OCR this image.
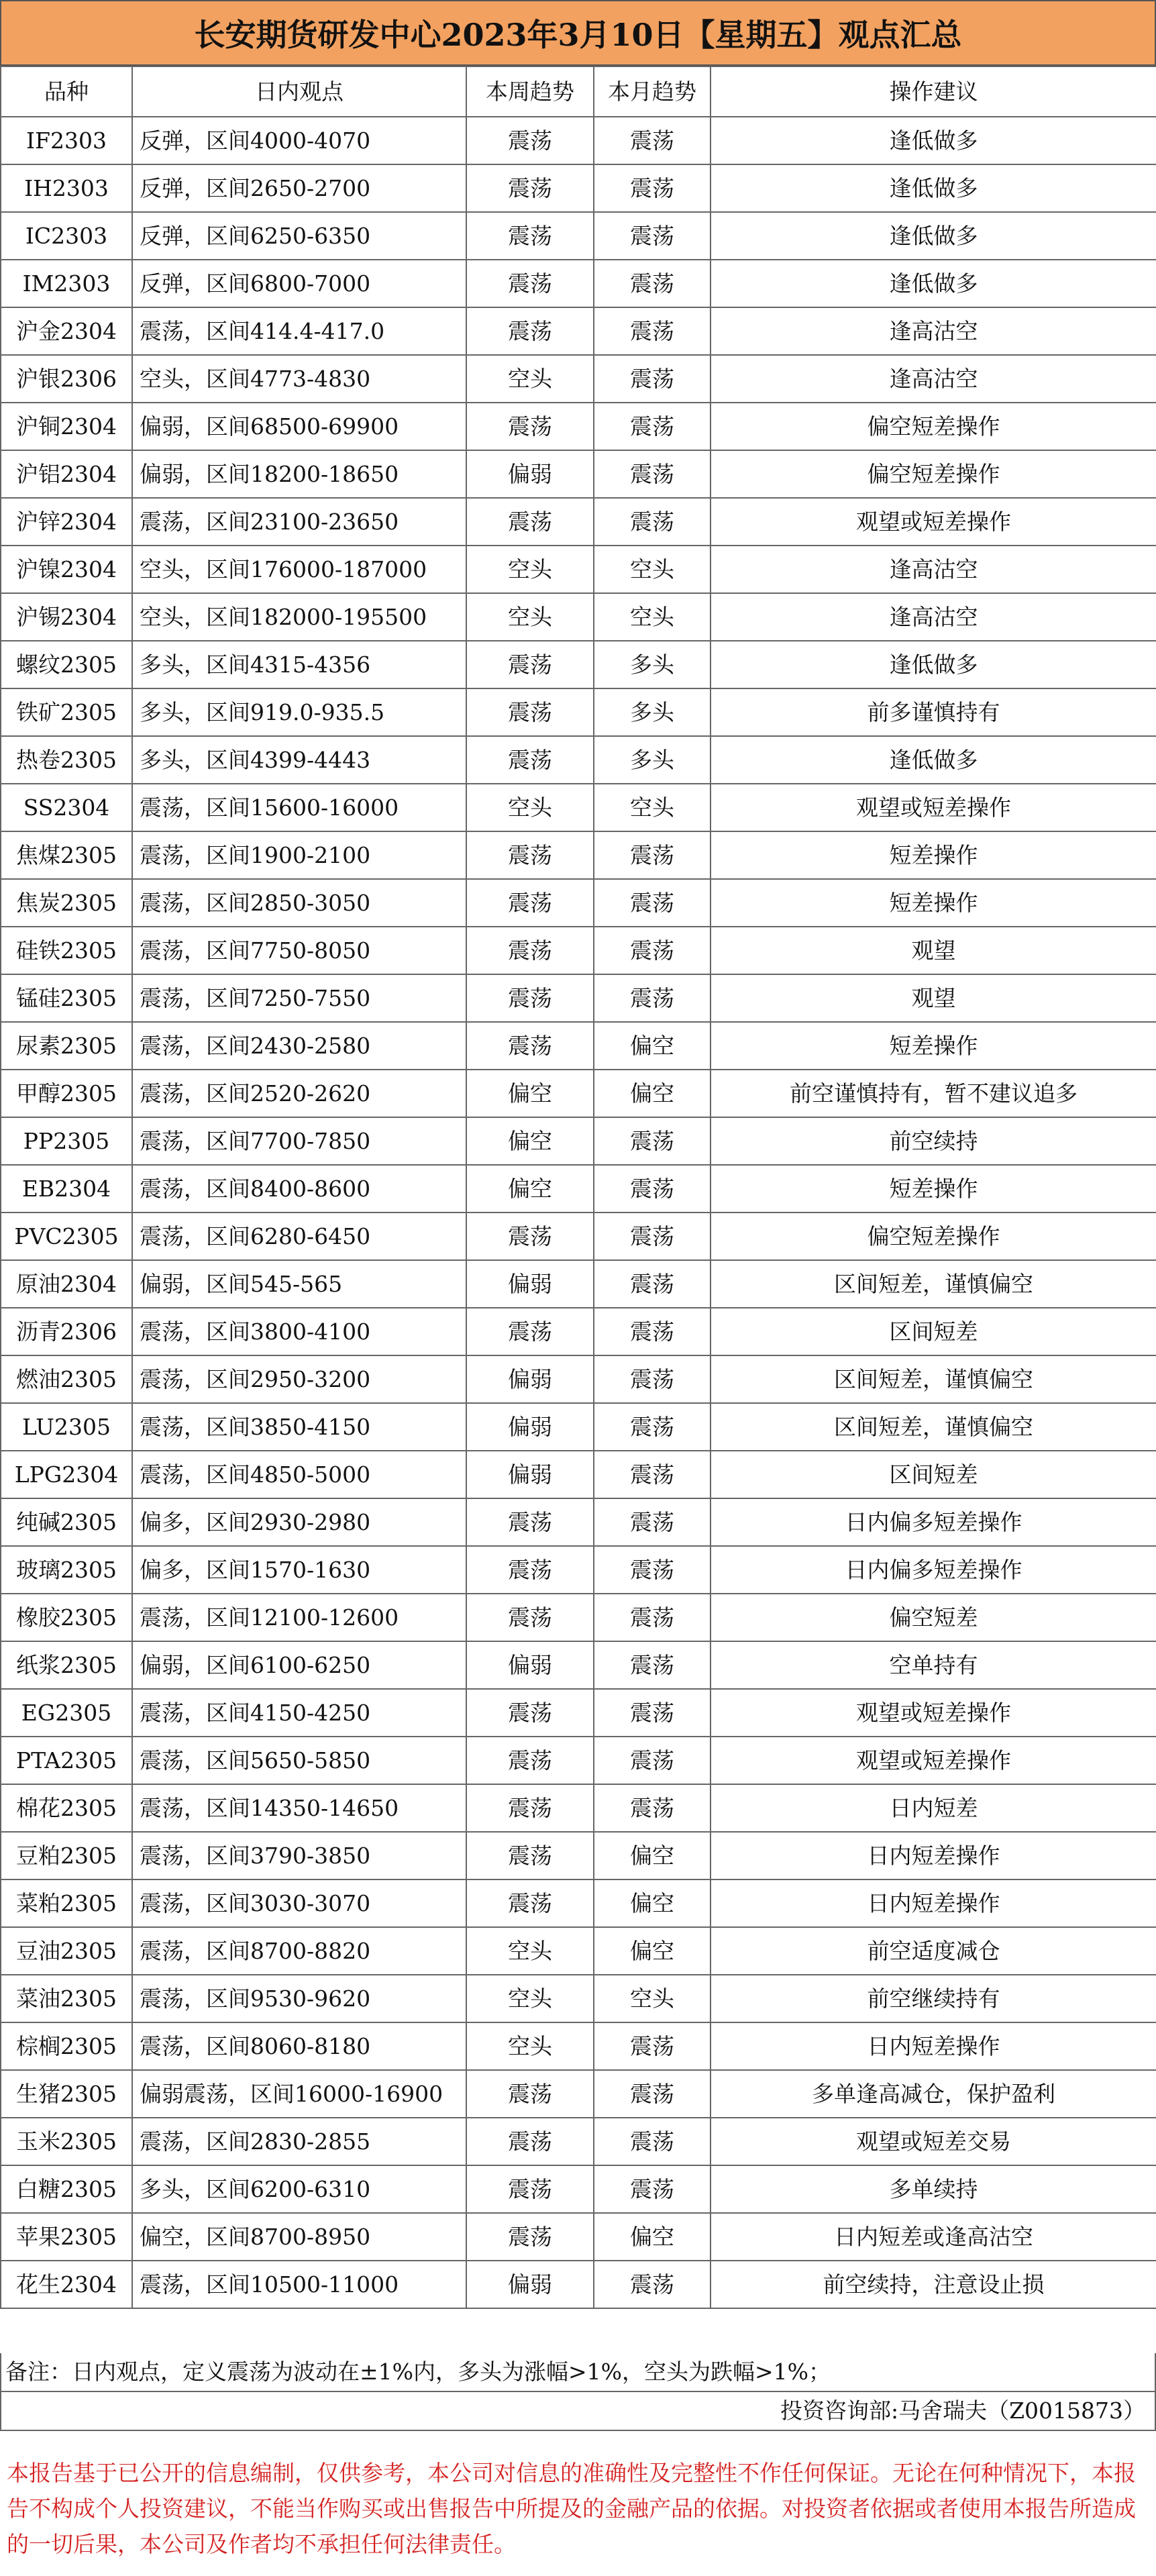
长安期货研发中心2023年3月10日【星期五】观点汇总
品种	日内观点	本周趋势	本月趋势	操作建议
IF2303	反弹，区间4000-4070	震荡	震荡	逢低做多
IH2303	反弹，区间2650-2700	震荡	震荡	逢低做多
IC2303	反弹，区间6250-6350	震荡	震荡	逢低做多
IM2303	反弹，区间6800-7000	震荡	震荡	逢低做多
沪金2304	震荡，区间414.4-417.0	震荡	震荡	逢高沽空
沪银2306	空头，区间4773-4830	空头	震荡	逢高沽空
沪铜2304	偏弱，区间68500-69900	震荡	震荡	偏空短差操作
沪铝2304	偏弱，区间18200-18650	偏弱	震荡	偏空短差操作
沪锌2304	震荡，区间23100-23650	震荡	震荡	观望或短差操作
沪镍2304	空头，区间176000-187000	空头	空头	逢高沽空
沪锡2304	空头，区间182000-195500	空头	空头	逢高沽空
螺纹2305	多头，区间4315-4356	震荡	多头	逢低做多
铁矿2305	多头，区间919.0-935.5	震荡	多头	前多谨慎持有
热卷2305	多头，区间4399-4443	震荡	多头	逢低做多
SS2304	震荡，区间15600-16000	空头	空头	观望或短差操作
焦煤2305	震荡，区间1900-2100	震荡	震荡	短差操作
焦炭2305	震荡，区间2850-3050	震荡	震荡	短差操作
硅铁2305	震荡，区间7750-8050	震荡	震荡	观望
锰硅2305	震荡，区间7250-7550	震荡	震荡	观望
尿素2305	震荡，区间2430-2580	震荡	偏空	短差操作
甲醇2305	震荡，区间2520-2620	偏空	偏空	前空谨慎持有，暂不建议追多
PP2305	震荡，区间7700-7850	偏空	震荡	前空续持
EB2304	震荡，区间8400-8600	偏空	震荡	短差操作
PVC2305	震荡，区间6280-6450	震荡	震荡	偏空短差操作
原油2304	偏弱，区间545-565	偏弱	震荡	区间短差，谨慎偏空
沥青2306	震荡，区间3800-4100	震荡	震荡	区间短差
燃油2305	震荡，区间2950-3200	偏弱	震荡	区间短差，谨慎偏空
LU2305	震荡，区间3850-4150	偏弱	震荡	区间短差，谨慎偏空
LPG2304	震荡，区间4850-5000	偏弱	震荡	区间短差
纯碱2305	偏多，区间2930-2980	震荡	震荡	日内偏多短差操作
玻璃2305	偏多，区间1570-1630	震荡	震荡	日内偏多短差操作
橡胶2305	震荡，区间12100-12600	震荡	震荡	偏空短差
纸浆2305	偏弱，区间6100-6250	偏弱	震荡	空单持有
EG2305	震荡，区间4150-4250	震荡	震荡	观望或短差操作
PTA2305	震荡，区间5650-5850	震荡	震荡	观望或短差操作
棉花2305	震荡，区间14350-14650	震荡	震荡	日内短差
豆粕2305	震荡，区间3790-3850	震荡	偏空	日内短差操作
菜粕2305	震荡，区间3030-3070	震荡	偏空	日内短差操作
豆油2305	震荡，区间8700-8820	空头	偏空	前空适度减仓
菜油2305	震荡，区间9530-9620	空头	空头	前空继续持有
棕榈2305	震荡，区间8060-8180	空头	震荡	日内短差操作
生猪2305	偏弱震荡，区间16000-16900	震荡	震荡	多单逢高减仓，保护盈利
玉米2305	震荡，区间2830-2855	震荡	震荡	观望或短差交易
白糖2305	多头，区间6200-6310	震荡	震荡	多单续持
苹果2305	偏空，区间8700-8950	震荡	偏空	日内短差或逢高沽空
花生2304	震荡，区间10500-11000	偏弱	震荡	前空续持，注意设止损
备注：日内观点，定义震荡为波动在±1%内，多头为涨幅>1%，空头为跌幅>1%；
投资咨询部:马舍瑞夫（Z0015873）
本报告基于已公开的信息编制，仅供参考，本公司对信息的准确性及完整性不作任何保证。无论在何种情况下，本报告不构成个人投资建议，不能当作购买或出售报告中所提及的金融产品的依据。对投资者依据或者使用本报告所造成的一切后果，本公司及作者均不承担任何法律责任。
